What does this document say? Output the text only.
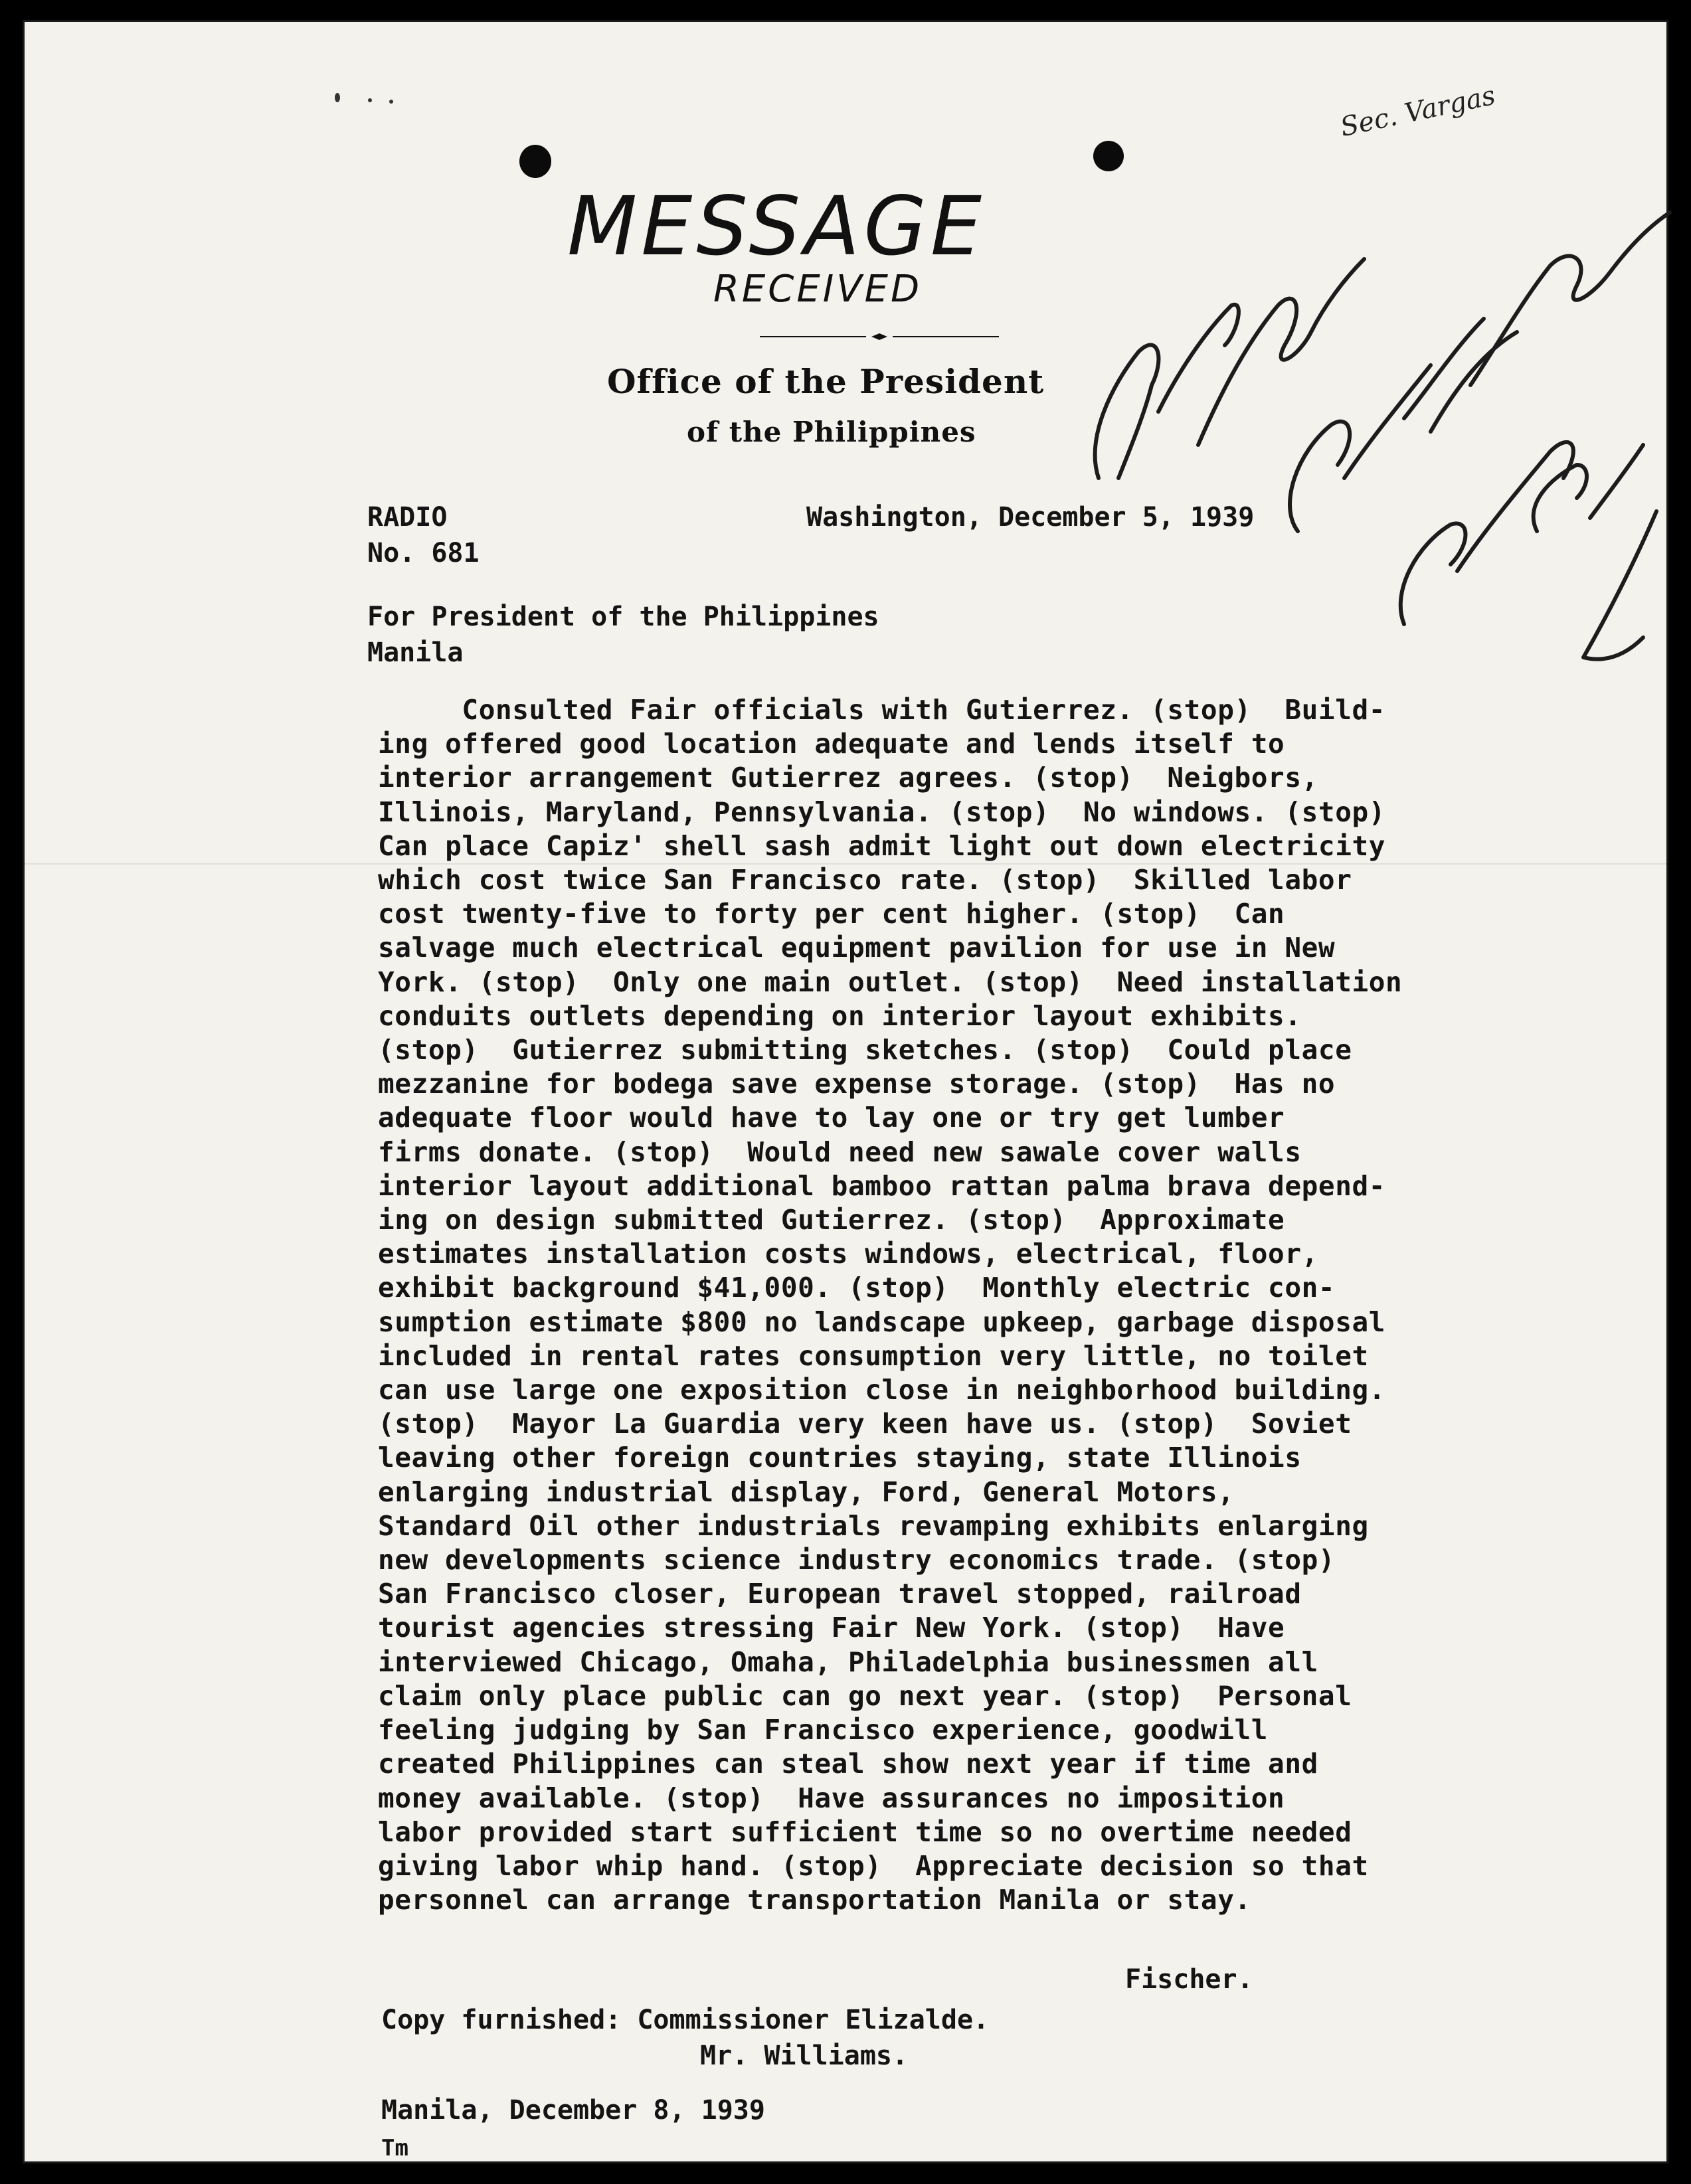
MESSAGE
RECEIVED
Office of the President
of the Philippines
Sec. Vargas
RADIO
No. 681
Washington, December 5, 1939
For President of the Philippines
Manila
Consulted Fair officials with Gutierrez. (stop)  Build-
ing offered good location adequate and lends itself to
interior arrangement Gutierrez agrees. (stop)  Neigbors,
Illinois, Maryland, Pennsylvania. (stop)  No windows. (stop)
Can place Capiz' shell sash admit light out down electricity
which cost twice San Francisco rate. (stop)  Skilled labor
cost twenty-five to forty per cent higher. (stop)  Can
salvage much electrical equipment pavilion for use in New
York. (stop)  Only one main outlet. (stop)  Need installation
conduits outlets depending on interior layout exhibits.
(stop)  Gutierrez submitting sketches. (stop)  Could place
mezzanine for bodega save expense storage. (stop)  Has no
adequate floor would have to lay one or try get lumber
firms donate. (stop)  Would need new sawale cover walls
interior layout additional bamboo rattan palma brava depend-
ing on design submitted Gutierrez. (stop)  Approximate
estimates installation costs windows, electrical, floor,
exhibit background $41,000. (stop)  Monthly electric con-
sumption estimate $800 no landscape upkeep, garbage disposal
included in rental rates consumption very little, no toilet
can use large one exposition close in neighborhood building.
(stop)  Mayor La Guardia very keen have us. (stop)  Soviet
leaving other foreign countries staying, state Illinois
enlarging industrial display, Ford, General Motors,
Standard Oil other industrials revamping exhibits enlarging
new developments science industry economics trade. (stop)
San Francisco closer, European travel stopped, railroad
tourist agencies stressing Fair New York. (stop)  Have
interviewed Chicago, Omaha, Philadelphia businessmen all
claim only place public can go next year. (stop)  Personal
feeling judging by San Francisco experience, goodwill
created Philippines can steal show next year if time and
money available. (stop)  Have assurances no imposition
labor provided start sufficient time so no overtime needed
giving labor whip hand. (stop)  Appreciate decision so that
personnel can arrange transportation Manila or stay.
Fischer.
Copy furnished: Commissioner Elizalde.
Mr. Williams.
Manila, December 8, 1939
Tm
